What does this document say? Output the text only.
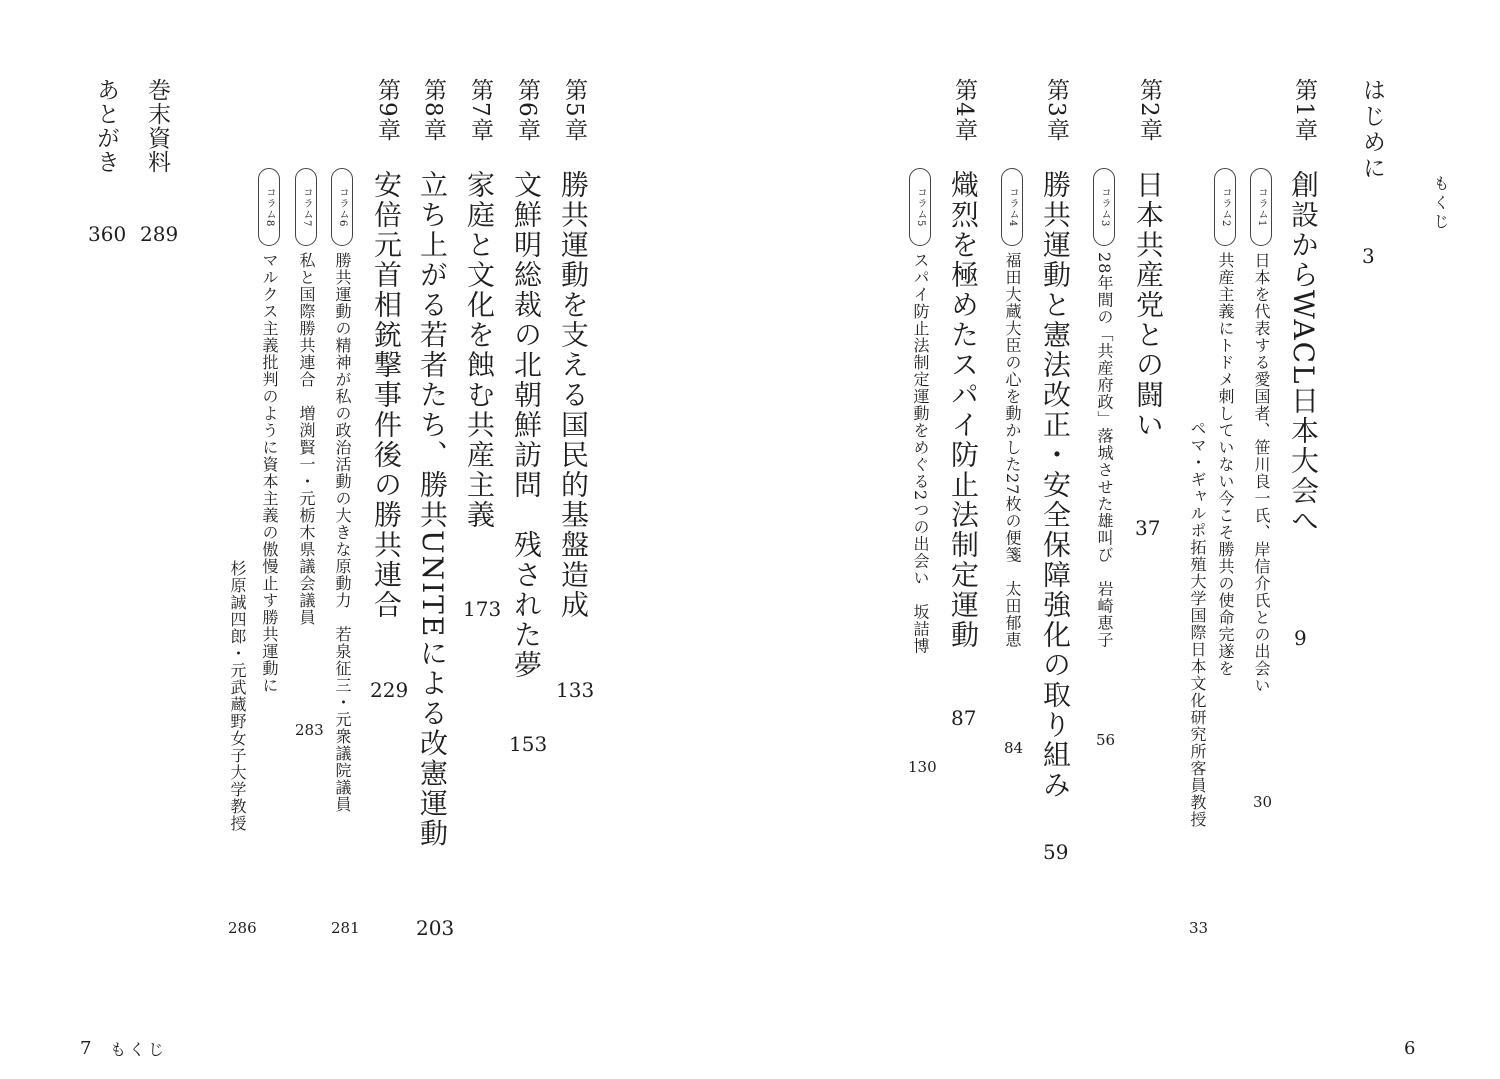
もくじ
はじめに
3
第1章
創設からWACL日本大会へ
9
コラム1
日本を代表する愛国者、笹川良一氏、岸信介氏との出会い
30
コラム2
共産主義にトドメ刺していない今こそ勝共の使命完遂を
ペマ・ギャルポ拓殖大学国際日本文化研究所客員教授
33
第2章
日本共産党との闘い
37
コラム3
28年間の「共産府政」落城させた雄叫び　岩崎恵子
56
第3章
勝共運動と憲法改正・安全保障強化の取り組み
59
コラム4
福田大蔵大臣の心を動かした27枚の便箋　太田郁恵
84
第4章
熾烈を極めたスパイ防止法制定運動
87
コラム5
スパイ防止法制定運動をめぐる2つの出会い　坂詰博
130
6
第5章
勝共運動を支える国民的基盤造成
133
第6章
文鮮明総裁の北朝鮮訪問　残された夢
153
第7章
家庭と文化を蝕む共産主義
173
第8章
立ち上がる若者たち、勝共UNITEによる改憲運動
203
第9章
安倍元首相銃撃事件後の勝共連合
229
コラム6
勝共運動の精神が私の政治活動の大きな原動力　若泉征三・元衆議院議員
281
コラム7
私と国際勝共連合　増渕賢一・元栃木県議会議員
283
コラム8
マルクス主義批判のように資本主義の傲慢止す勝共運動に
杉原誠四郎・元武蔵野女子大学教授
286
巻末資料
289
あとがき
360
7 もくじ
